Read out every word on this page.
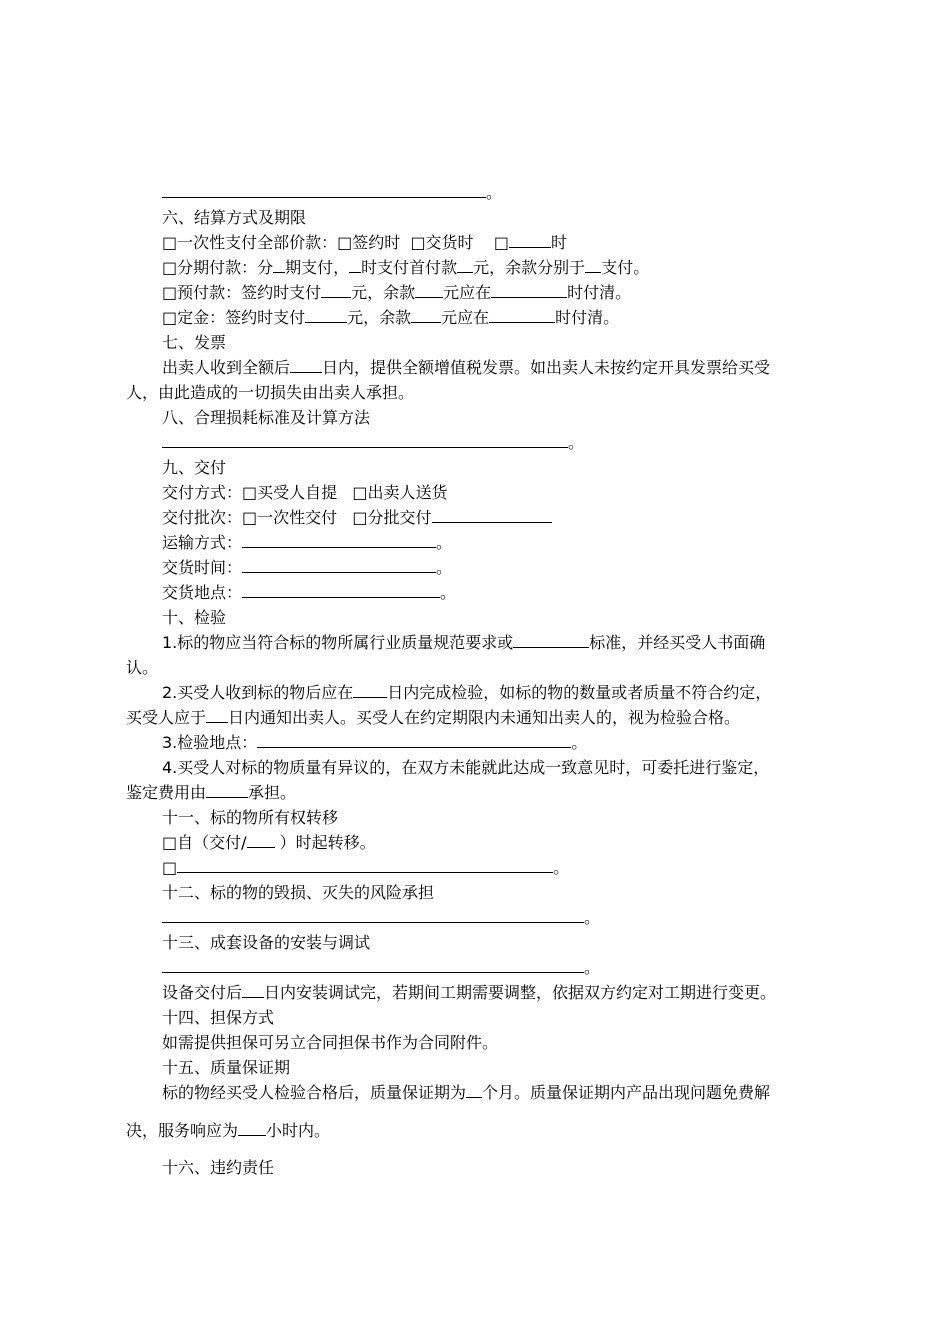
。
六、结算方式及期限
□一次性支付全部价款：□签约时 □交货时 □	时
□分期付款：分 期支付， 时支付首付款 元，余款分别于 支付。
□预付款：签约时支付 元，余款 元应在	时付清。
□定金：签约时支付	元，余款 元应在	时付清。
七、发票
出卖人收到全额后 日内，提供全额增值税发票。如出卖人未按约定开具发票给买受
人，由此造成的一切损失由出卖人承担。
八、合理损耗标准及计算方法
。
九、交付
交付方式：□买受人自提 □出卖人送货
交付批次：□一次性交付 □分批交付
运输方式：	。
交货时间：	。
交货地点：	。
十、检验
1.标的物应当符合标的物所属行业质量规范要求或	标准，并经买受人书面确
认。
2.买受人收到标的物后应在 日内完成检验，如标的物的数量或者质量不符合约定，
买受人应于 日内通知出卖人。买受人在约定期限内未通知出卖人的，视为检验合格。
3.检验地点：	。
4.买受人对标的物质量有异议的，在双方未能就此达成一致意见时，可委托进行鉴定，
鉴定费用由	承担。
十一、标的物所有权转移
□自（交付/ ）时起转移。
□	。
十二、标的物的毁损、灭失的风险承担
。
十三、成套设备的安装与调试
。
设备交付后 日内安装调试完，若期间工期需要调整，依据双方约定对工期进行变更。
十四、担保方式
如需提供担保可另立合同担保书作为合同附件。
十五、质量保证期
标的物经买受人检验合格后，质量保证期为 个月。质量保证期内产品出现问题免费解
决，服务响应为 小时内。
十六、违约责任
